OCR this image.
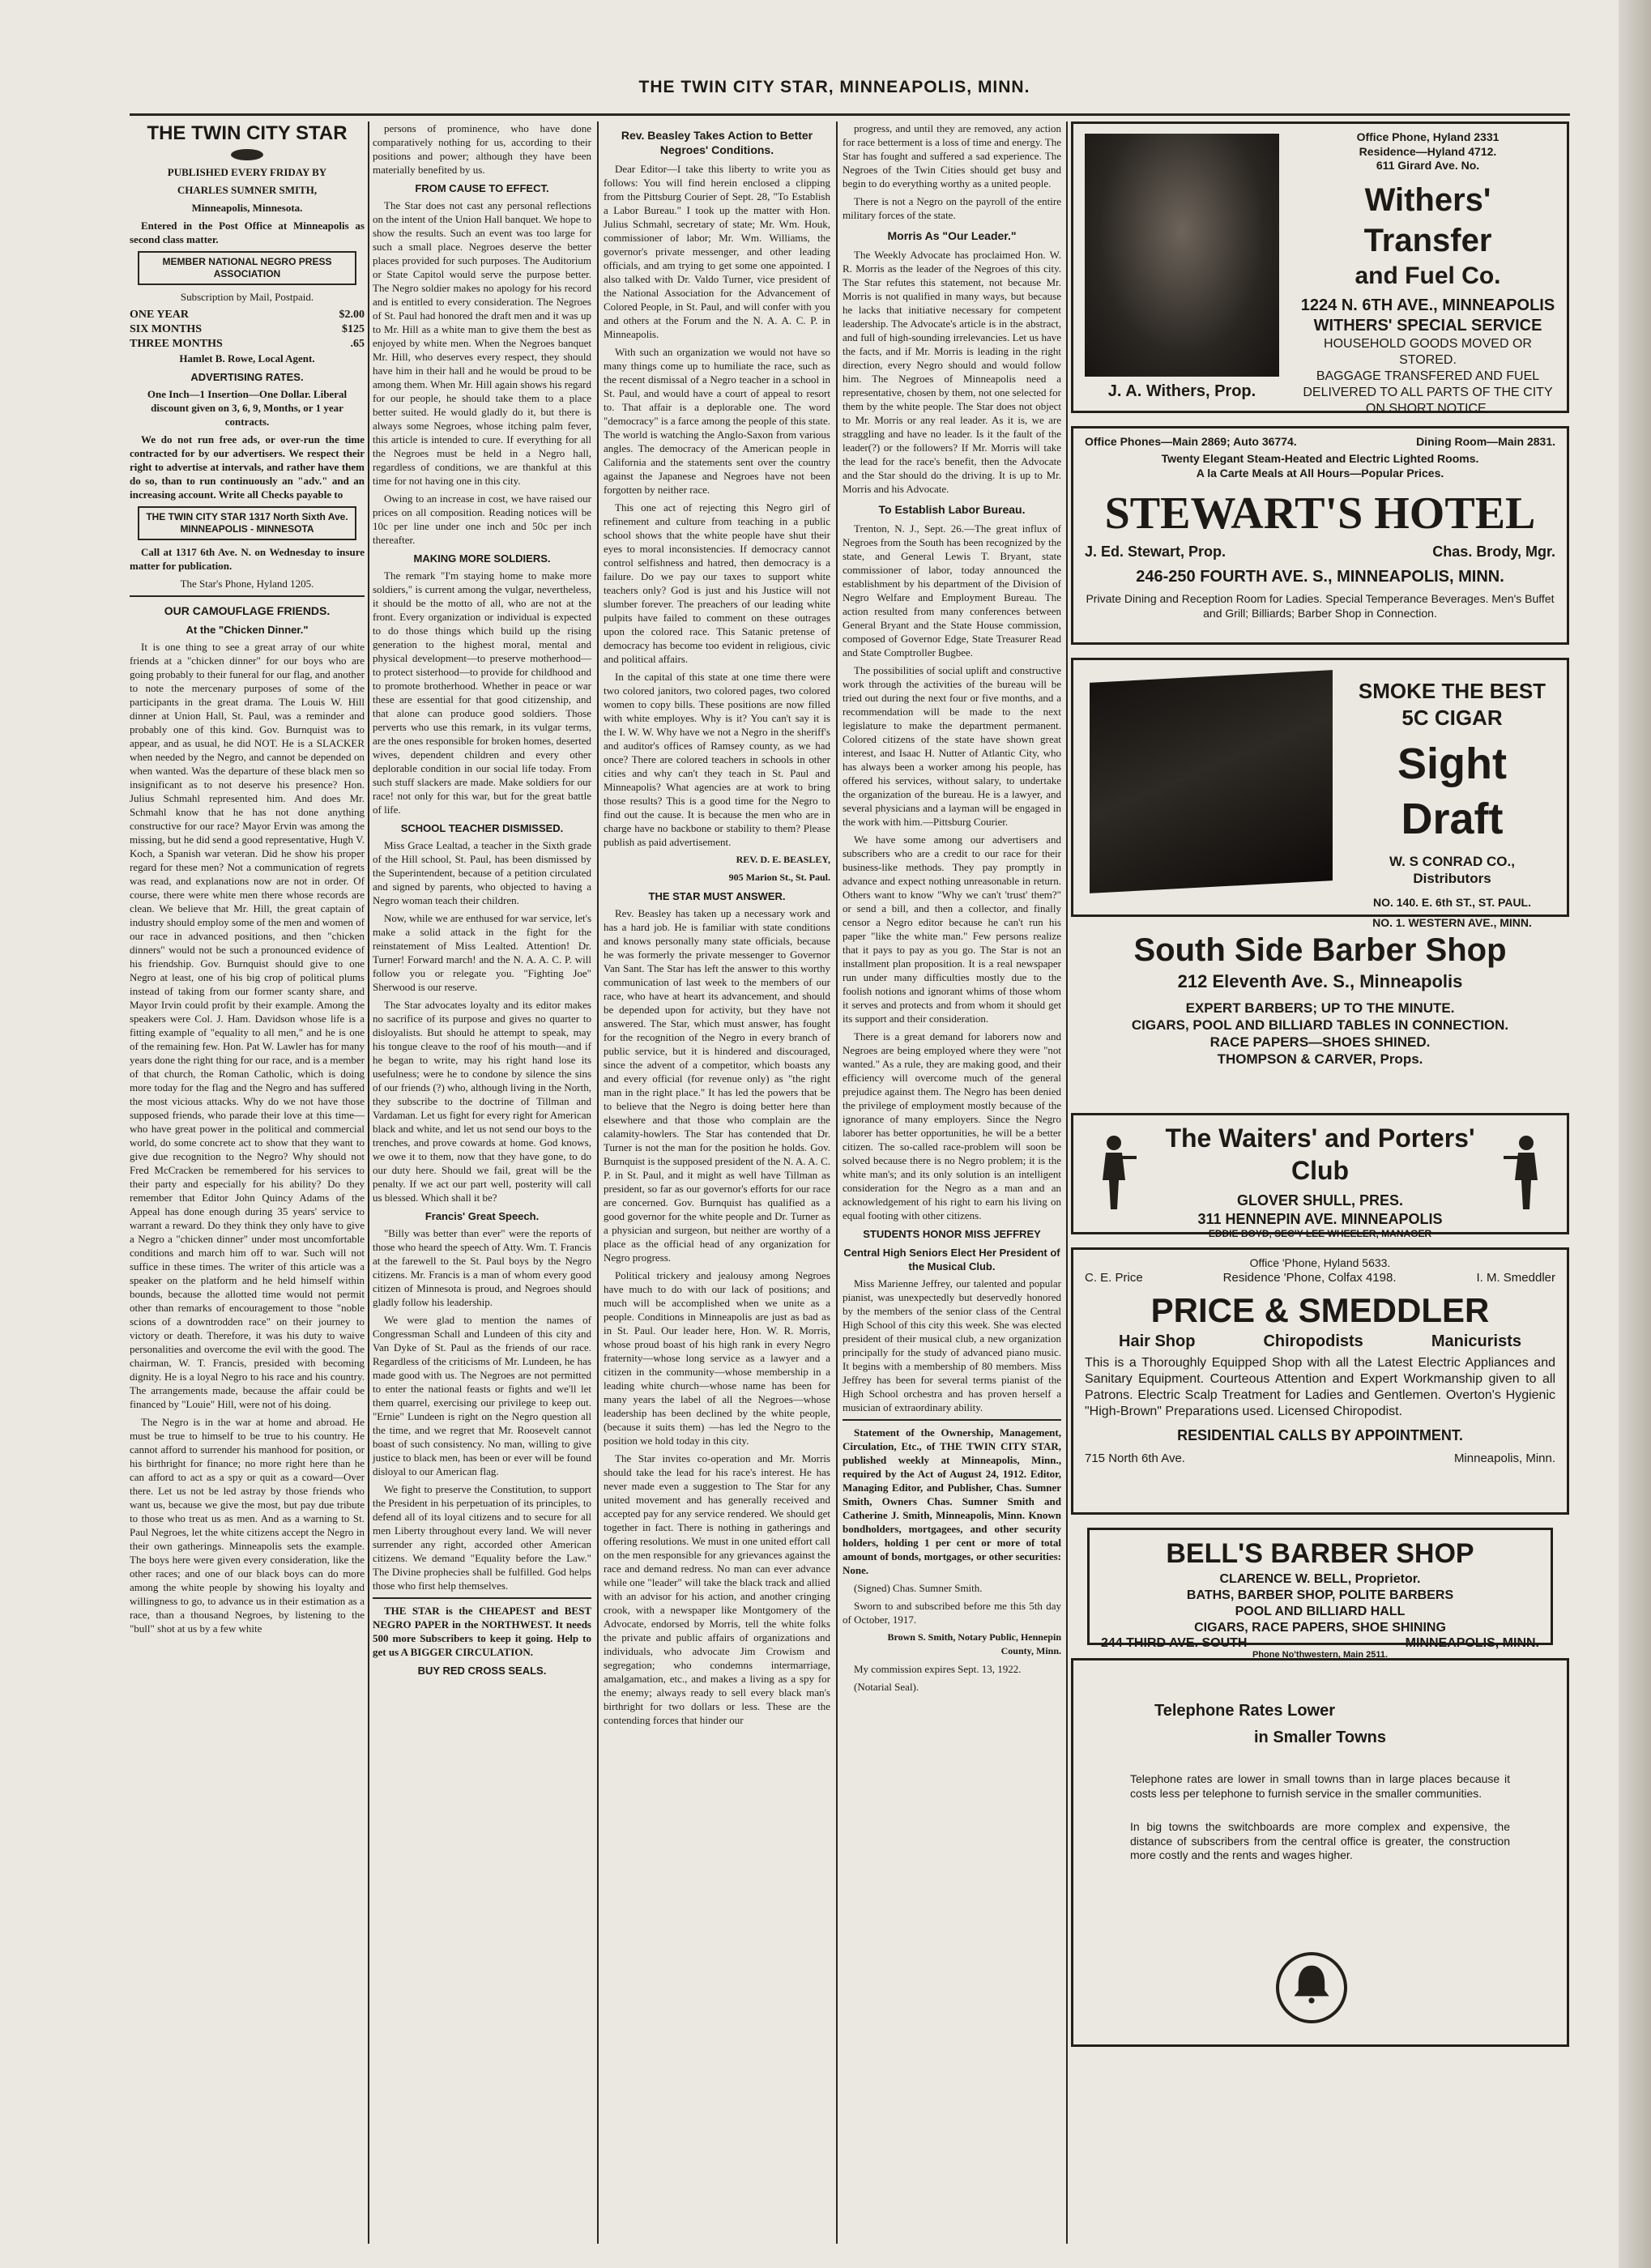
THE TWIN CITY STAR, MINNEAPOLIS, MINN.
THE TWIN CITY STAR

PUBLISHED EVERY FRIDAY BY

CHARLES SUMNER SMITH,

Minneapolis, Minnesota.

Entered in the Post Office at Minneapolis as second class matter.

MEMBER NATIONAL NEGRO PRESS ASSOCIATION

Subscription by Mail, Postpaid.

ONE YEAR	$2.00
SIX MONTHS	$125
THREE MONTHS	.65

Hamlet B. Rowe, Local Agent.

ADVERTISING RATES.

One Inch—1 Insertion—One Dollar. Liberal discount given on 3, 6, 9, Months, or 1 year contracts.

We do not run free ads, or over-run the time contracted for by our advertisers. We respect their right to advertise at intervals, and rather have them do so, than to run continuously an "adv." and an increasing account. Write all Checks payable to

THE TWIN CITY STAR 1317 North Sixth Ave. MINNEAPOLIS - MINNESOTA

Call at 1317 6th Ave. N. on Wednesday to insure matter for publication.

The Star's Phone, Hyland 1205.

OUR CAMOUFLAGE FRIENDS.
At the "Chicken Dinner."

It is one thing to see a great array of our white friends at a "chicken dinner" for our boys who are going probably to their funeral for our flag, and another to note the mercenary purposes of some of the participants in the great drama. The Louis W. Hill dinner at Union Hall, St. Paul, was a reminder and probably one of this kind. Gov. Burnquist was to appear, and as usual, he did NOT. He is a SLACKER when needed by the Negro, and cannot be depended on when wanted. Was the departure of these black men so insignificant as to not deserve his presence? Hon. Julius Schmahl represented him. And does Mr. Schmahl know that he has not done anything constructive for our race? Mayor Ervin was among the missing, but he did send a good representative, Hugh V. Koch, a Spanish war veteran. Did he show his proper regard for these men? Not a communication of regrets was read, and explanations now are not in order. Of course, there were white men there whose records are clean. We believe that Mr. Hill, the great captain of industry should employ some of the men and women of our race in advanced positions, and then "chicken dinners" would not be such a pronounced evidence of his friendship. Gov. Burnquist should give to one Negro at least, one of his big crop of political plums instead of taking from our former scanty share, and Mayor Irvin could profit by their example. Among the speakers were Col. J. Ham. Davidson whose life is a fitting example of "equality to all men," and he is one of the remaining few. Hon. Pat W. Lawler has for many years done the right thing for our race, and is a member of that church, the Roman Catholic, which is doing more today for the flag and the Negro and has suffered the most vicious attacks. Why do we not have those supposed friends, who parade their love at this time—who have great power in the political and commercial world, do some concrete act to show that they want to give due recognition to the Negro? Why should not Fred McCracken be remembered for his services to their party and especially for his ability? Do they remember that Editor John Quincy Adams of the Appeal has done enough during 35 years' service to warrant a reward. Do they think they only have to give a Negro a "chicken dinner" under most uncomfortable conditions and march him off to war. Such will not suffice in these times. The writer of this article was a speaker on the platform and he held himself within bounds, because the allotted time would not permit other than remarks of encouragement to those "noble scions of a downtrodden race" on their journey to victory or death. Therefore, it was his duty to waive personalities and overcome the evil with the good. The chairman, W. T. Francis, presided with becoming dignity. He is a loyal Negro to his race and his country. The arrangements made, because the affair could be financed by "Louie" Hill, were not of his doing.

The Negro is in the war at home and abroad. He must be true to himself to be true to his country. He cannot afford to surrender his manhood for position, or his birthright for finance; no more right here than he can afford to act as a spy or quit as a coward—Over there. Let us not be led astray by those friends who want us, because we give the most, but pay due tribute to those who treat us as men. And as a warning to St. Paul Negroes, let the white citizens accept the Negro in their own gatherings. Minneapolis sets the example. The boys here were given every consideration, like the other races; and one of our black boys can do more among the white people by showing his loyalty and willingness to go, to advance us in their estimation as a race, than a thousand Negroes, by listening to the "bull" shot at us by a few white

persons of prominence, who have done comparatively nothing for us, according to their positions and power; although they have been materially benefited by us.

FROM CAUSE TO EFFECT.

The Star does not cast any personal reflections on the intent of the Union Hall banquet. We hope to show the results. Such an event was too large for such a small place. Negroes deserve the better places provided for such purposes. The Auditorium or State Capitol would serve the purpose better. The Negro soldier makes no apology for his record and is entitled to every consideration. The Negroes of St. Paul had honored the draft men and it was up to Mr. Hill as a white man to give them the best as enjoyed by white men. When the Negroes banquet Mr. Hill, who deserves every respect, they should have him in their hall and he would be proud to be among them. When Mr. Hill again shows his regard for our people, he should take them to a place better suited. He would gladly do it, but there is always some Negroes, whose itching palm fever, this article is intended to cure. If everything for all the Negroes must be held in a Negro hall, regardless of conditions, we are thankful at this time for not having one in this city.

Owing to an increase in cost, we have raised our prices on all composition. Reading notices will be 10c per line under one inch and 50c per inch thereafter.

MAKING MORE SOLDIERS.

The remark "I'm staying home to make more soldiers," is current among the vulgar, nevertheless, it should be the motto of all, who are not at the front. Every organization or individual is expected to do those things which build up the rising generation to the highest moral, mental and physical development—to preserve motherhood—to protect sisterhood—to provide for childhood and to promote brotherhood. Whether in peace or war these are essential for that good citizenship, and that alone can produce good soldiers. Those perverts who use this remark, in its vulgar terms, are the ones responsible for broken homes, deserted wives, dependent children and every other deplorable condition in our social life today. From such stuff slackers are made. Make soldiers for our race! not only for this war, but for the great battle of life.

SCHOOL TEACHER DISMISSED.

Miss Grace Lealtad, a teacher in the Sixth grade of the Hill school, St. Paul, has been dismissed by the Superintendent, because of a petition circulated and signed by parents, who objected to having a Negro woman teach their children.

Now, while we are enthused for war service, let's make a solid attack in the fight for the reinstatement of Miss Lealted. Attention! Dr. Turner! Forward march! and the N. A. A. C. P. will follow you or relegate you. "Fighting Joe" Sherwood is our reserve.

The Star advocates loyalty and its editor makes no sacrifice of its purpose and gives no quarter to disloyalists. But should he attempt to speak, may his tongue cleave to the roof of his mouth—and if he began to write, may his right hand lose its usefulness; were he to condone by silence the sins of our friends (?) who, although living in the North, they subscribe to the doctrine of Tillman and Vardaman. Let us fight for every right for American black and white, and let us not send our boys to the trenches, and prove cowards at home. God knows, we owe it to them, now that they have gone, to do our duty here. Should we fail, great will be the penalty. If we act our part well, posterity will call us blessed. Which shall it be?

Francis' Great Speech.

"Billy was better than ever" were the reports of those who heard the speech of Atty. Wm. T. Francis at the farewell to the St. Paul boys by the Negro citizens. Mr. Francis is a man of whom every good citizen of Minnesota is proud, and Negroes should gladly follow his leadership.

We were glad to mention the names of Congressman Schall and Lundeen of this city and Van Dyke of St. Paul as the friends of our race. Regardless of the criticisms of Mr. Lundeen, he has made good with us. The Negroes are not permitted to enter the national feasts or fights and we'll let them quarrel, exercising our privilege to keep out. "Ernie" Lundeen is right on the Negro question all the time, and we regret that Mr. Roosevelt cannot boast of such consistency. No man, willing to give justice to black men, has been or ever will be found disloyal to our American flag.

We fight to preserve the Constitution, to support the President in his perpetuation of its principles, to defend all of its loyal citizens and to secure for all men Liberty throughout every land. We will never surrender any right, accorded other American citizens. We demand "Equality before the Law." The Divine prophecies shall be fulfilled. God helps those who first help themselves.

THE STAR is the CHEAPEST and BEST NEGRO PAPER in the NORTHWEST. It needs 500 more Subscribers to keep it going. Help to get us A BIGGER CIRCULATION.

BUY RED CROSS SEALS.
Rev. Beasley Takes Action to Better Negroes' Conditions.

Dear Editor—I take this liberty to write you as follows: You will find herein enclosed a clipping from the Pittsburg Courier of Sept. 28, "To Establish a Labor Bureau." I took up the matter with Hon. Julius Schmahl, secretary of state; Mr. Wm. Houk, commissioner of labor; Mr. Wm. Williams, the governor's private messenger, and other leading officials, and am trying to get some one appointed. I also talked with Dr. Valdo Turner, vice president of the National Association for the Advancement of Colored People, in St. Paul, and will confer with you and others at the Forum and the N. A. A. C. P. in Minneapolis.

With such an organization we would not have so many things come up to humiliate the race, such as the recent dismissal of a Negro teacher in a school in St. Paul, and would have a court of appeal to resort to. That affair is a deplorable one. The word "democracy" is a farce among the people of this state. The world is watching the Anglo-Saxon from various angles. The democracy of the American people in California and the statements sent over the country against the Japanese and Negroes have not been forgotten by neither race.

This one act of rejecting this Negro girl of refinement and culture from teaching in a public school shows that the white people have shut their eyes to moral inconsistencies. If democracy cannot control selfishness and hatred, then democracy is a failure. Do we pay our taxes to support white teachers only? God is just and his Justice will not slumber forever. The preachers of our leading white pulpits have failed to comment on these outrages upon the colored race. This Satanic pretense of democracy has become too evident in religious, civic and political affairs.

In the capital of this state at one time there were two colored janitors, two colored pages, two colored women to copy bills. These positions are now filled with white employes. Why is it? You can't say it is the I. W. W. Why have we not a Negro in the sheriff's and auditor's offices of Ramsey county, as we had once? There are colored teachers in schools in other cities and why can't they teach in St. Paul and Minneapolis? What agencies are at work to bring those results? This is a good time for the Negro to find out the cause. It is because the men who are in charge have no backbone or stability to them? Please publish as paid advertisement.

REV. D. E. BEASLEY,

905 Marion St., St. Paul.

THE STAR MUST ANSWER.

Rev. Beasley has taken up a necessary work and has a hard job. He is familiar with state conditions and knows personally many state officials, because he was formerly the private messenger to Governor Van Sant. The Star has left the answer to this worthy communication of last week to the members of our race, who have at heart its advancement, and should be depended upon for activity, but they have not answered. The Star, which must answer, has fought for the recognition of the Negro in every branch of public service, but it is hindered and discouraged, since the advent of a competitor, which boasts any and every official (for revenue only) as "the right man in the right place." It has led the powers that be to believe that the Negro is doing better here than elsewhere and that those who complain are the calamity-howlers. The Star has contended that Dr. Turner is not the man for the position he holds. Gov. Burnquist is the supposed president of the N. A. A. C. P. in St. Paul, and it might as well have Tillman as president, so far as our governor's efforts for our race are concerned. Gov. Burnquist has qualified as a good governor for the white people and Dr. Turner as a physician and surgeon, but neither are worthy of a place as the official head of any organization for Negro progress.

Political trickery and jealousy among Negroes have much to do with our lack of positions; and much will be accomplished when we unite as a people. Conditions in Minneapolis are just as bad as in St. Paul. Our leader here, Hon. W. R. Morris, whose proud boast of his high rank in every Negro fraternity—whose long service as a lawyer and a citizen in the community—whose membership in a leading white church—whose name has been for many years the label of all the Negroes—whose leadership has been declined by the white people, (because it suits them) —has led the Negro to the position we hold today in this city.

The Star invites co-operation and Mr. Morris should take the lead for his race's interest. He has never made even a suggestion to The Star for any united movement and has generally received and accepted pay for any service rendered. We should get together in fact. There is nothing in gatherings and offering resolutions. We must in one united effort call on the men responsible for any grievances against the race and demand redress. No man can ever advance while one "leader" will take the black track and allied with an advisor for his action, and another cringing crook, with a newspaper like Montgomery of the Advocate, endorsed by Morris, tell the white folks the private and public affairs of organizations and individuals, who advocate Jim Crowism and segregation; who condemns intermarriage, amalgamation, etc., and makes a living as a spy for the enemy; always ready to sell every black man's birthright for two dollars or less. These are the contending forces that hinder our

progress, and until they are removed, any action for race betterment is a loss of time and energy. The Star has fought and suffered a sad experience. The Negroes of the Twin Cities should get busy and begin to do everything worthy as a united people.

There is not a Negro on the payroll of the entire military forces of the state.

Morris As "Our Leader."

The Weekly Advocate has proclaimed Hon. W. R. Morris as the leader of the Negroes of this city. The Star refutes this statement, not because Mr. Morris is not qualified in many ways, but because he lacks that initiative necessary for competent leadership. The Advocate's article is in the abstract, and full of high-sounding irrelevancies. Let us have the facts, and if Mr. Morris is leading in the right direction, every Negro should and would follow him. The Negroes of Minneapolis need a representative, chosen by them, not one selected for them by the white people. The Star does not object to Mr. Morris or any real leader. As it is, we are straggling and have no leader. Is it the fault of the leader(?) or the followers? If Mr. Morris will take the lead for the race's benefit, then the Advocate and the Star should do the driving. It is up to Mr. Morris and his Advocate.

To Establish Labor Bureau.

Trenton, N. J., Sept. 26.—The great influx of Negroes from the South has been recognized by the state, and General Lewis T. Bryant, state commissioner of labor, today announced the establishment by his department of the Division of Negro Welfare and Employment Bureau. The action resulted from many conferences between General Bryant and the State House commission, composed of Governor Edge, State Treasurer Read and State Comptroller Bugbee.

The possibilities of social uplift and constructive work through the activities of the bureau will be tried out during the next four or five months, and a recommendation will be made to the next legislature to make the department permanent. Colored citizens of the state have shown great interest, and Isaac H. Nutter of Atlantic City, who has always been a worker among his people, has offered his services, without salary, to undertake the organization of the bureau. He is a lawyer, and several physicians and a layman will be engaged in the work with him.—Pittsburg Courier.

We have some among our advertisers and subscribers who are a credit to our race for their business-like methods. They pay promptly in advance and expect nothing unreasonable in return. Others want to know "Why we can't 'trust' them?" or send a bill, and then a collector, and finally censor a Negro editor because he can't run his paper "like the white man." Few persons realize that it pays to pay as you go. The Star is not an installment plan proposition. It is a real newspaper run under many difficulties mostly due to the foolish notions and ignorant whims of those whom it serves and protects and from whom it should get its support and their consideration.

There is a great demand for laborers now and Negroes are being employed where they were "not wanted." As a rule, they are making good, and their efficiency will overcome much of the general prejudice against them. The Negro has been denied the privilege of employment mostly because of the ignorance of many employers. Since the Negro laborer has better opportunities, he will be a better citizen. The so-called race-problem will soon be solved because there is no Negro problem; it is the white man's; and its only solution is an intelligent consideration for the Negro as a man and an acknowledgement of his right to earn his living on equal footing with other citizens.

STUDENTS HONOR MISS JEFFREY
Central High Seniors Elect Her President of the Musical Club.

Miss Marienne Jeffrey, our talented and popular pianist, was unexpectedly but deservedly honored by the members of the senior class of the Central High School of this city this week. She was elected president of their musical club, a new organization principally for the study of advanced piano music. It begins with a membership of 80 members. Miss Jeffrey has been for several terms pianist of the High School orchestra and has proven herself a musician of extraordinary ability.

Statement of the Ownership, Management, Circulation, Etc., of THE TWIN CITY STAR, published weekly at Minneapolis, Minn., required by the Act of August 24, 1912. Editor, Managing Editor, and Publisher, Chas. Sumner Smith, Owners Chas. Sumner Smith and Catherine J. Smith, Minneapolis, Minn. Known bondholders, mortgagees, and other security holders, holding 1 per cent or more of total amount of bonds, mortgages, or other securities: None.

(Signed) Chas. Sumner Smith.

Sworn to and subscribed before me this 5th day of October, 1917.

Brown S. Smith, Notary Public, Hennepin County, Minn.

My commission expires Sept. 13, 1922.

(Notarial Seal).

Office Phone, Hyland 2331
Residence—Hyland 4712.
611 Girard Ave. No.
Withers' Transfer
and Fuel Co.
1224 N. 6TH AVE., MINNEAPOLIS
WITHERS' SPECIAL SERVICE
HOUSEHOLD GOODS MOVED OR STORED.
BAGGAGE TRANSFERED AND FUEL DELIVERED TO ALL PARTS OF THE CITY ON SHORT NOTICE.
J. A. Withers, Prop.
Office Phones—Main 2869; Auto 36774.	Dining Room—Main 2831.
Twenty Elegant Steam-Heated and Electric Lighted Rooms.
A la Carte Meals at All Hours—Popular Prices.
STEWART'S HOTEL
J. Ed. Stewart, Prop.	Chas. Brody, Mgr.
246-250 FOURTH AVE. S., MINNEAPOLIS, MINN.
Private Dining and Reception Room for Ladies. Special Temperance Beverages. Men's Buffet and Grill; Billiards; Barber Shop in Connection.
SMOKE THE BEST
5C CIGAR
Sight Draft
W. S CONRAD CO., Distributors
NO. 140. E. 6th ST., ST. PAUL.
NO. 1. WESTERN AVE., MINN.
South Side Barber Shop
212 Eleventh Ave. S., Minneapolis
EXPERT BARBERS; UP TO THE MINUTE.
CIGARS, POOL AND BILLIARD TABLES IN CONNECTION.
RACE PAPERS—SHOES SHINED.
THOMPSON & CARVER, Props.
The Waiters' and Porters' Club
GLOVER SHULL, PRES.
311 HENNEPIN AVE. MINNEAPOLIS
EDDIE BOYD, SEC'Y LEE WHEELER, MANAGER
Office 'Phone, Hyland 5633.
C. E. Price	Residence 'Phone, Colfax 4198.	I. M. Smeddler
PRICE & SMEDDLER
Hair Shop	Chiropodists	Manicurists
This is a Thoroughly Equipped Shop with all the Latest Electric Appliances and Sanitary Equipment. Courteous Attention and Expert Workmanship given to all Patrons. Electric Scalp Treatment for Ladies and Gentlemen. Overton's Hygienic "High-Brown" Preparations used. Licensed Chiropodist.
RESIDENTIAL CALLS BY APPOINTMENT.
715 North 6th Ave.	Minneapolis, Minn.
BELL'S BARBER SHOP
CLARENCE W. BELL, Proprietor.
BATHS, BARBER SHOP, POLITE BARBERS
POOL AND BILLIARD HALL
CIGARS, RACE PAPERS, SHOE SHINING
244 THIRD AVE. SOUTH	MINNEAPOLIS, MINN.
Phone No'thwestern, Main 2511.
Telephone Rates Lower
in Smaller Towns
Telephone rates are lower in small towns than in large places because it costs less per telephone to furnish service in the smaller communities.
In big towns the switchboards are more complex and expensive, the distance of subscribers from the central office is greater, the construction more costly and the rents and wages higher.
